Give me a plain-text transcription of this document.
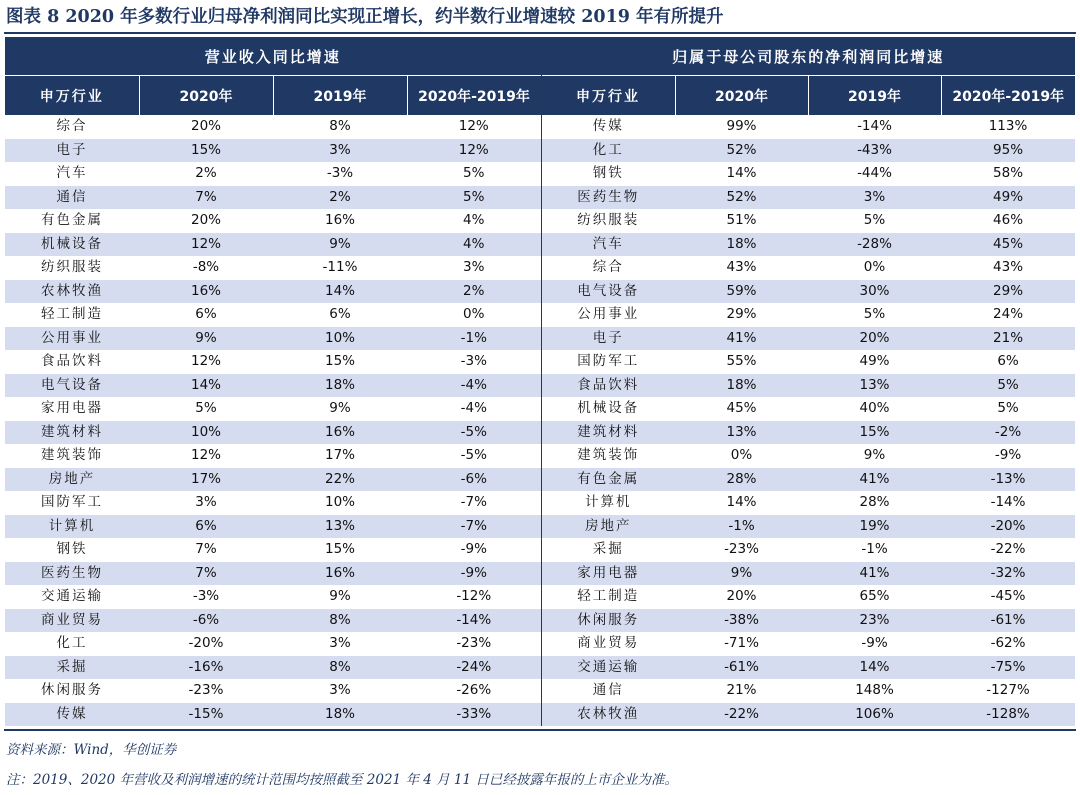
图表 8 2020 年多数行业归母净利润同比实现正增长，约半数行业增速较 2019 年有所提升
营业收入同比增速				归属于母公司股东的净利润同比增速			
申万行业	2020年	2019年	2020年-2019年	申万行业	2020年	2019年	2020年-2019年
综合	20%	8%	12%	传媒	99%	-14%	113%
电子	15%	3%	12%	化工	52%	-43%	95%
汽车	2%	-3%	5%	钢铁	14%	-44%	58%
通信	7%	2%	5%	医药生物	52%	3%	49%
有色金属	20%	16%	4%	纺织服装	51%	5%	46%
机械设备	12%	9%	4%	汽车	18%	-28%	45%
纺织服装	-8%	-11%	3%	综合	43%	0%	43%
农林牧渔	16%	14%	2%	电气设备	59%	30%	29%
轻工制造	6%	6%	0%	公用事业	29%	5%	24%
公用事业	9%	10%	-1%	电子	41%	20%	21%
食品饮料	12%	15%	-3%	国防军工	55%	49%	6%
电气设备	14%	18%	-4%	食品饮料	18%	13%	5%
家用电器	5%	9%	-4%	机械设备	45%	40%	5%
建筑材料	10%	16%	-5%	建筑材料	13%	15%	-2%
建筑装饰	12%	17%	-5%	建筑装饰	0%	9%	-9%
房地产	17%	22%	-6%	有色金属	28%	41%	-13%
国防军工	3%	10%	-7%	计算机	14%	28%	-14%
计算机	6%	13%	-7%	房地产	-1%	19%	-20%
钢铁	7%	15%	-9%	采掘	-23%	-1%	-22%
医药生物	7%	16%	-9%	家用电器	9%	41%	-32%
交通运输	-3%	9%	-12%	轻工制造	20%	65%	-45%
商业贸易	-6%	8%	-14%	休闲服务	-38%	23%	-61%
化工	-20%	3%	-23%	商业贸易	-71%	-9%	-62%
采掘	-16%	8%	-24%	交通运输	-61%	14%	-75%
休闲服务	-23%	3%	-26%	通信	21%	148%	-127%
传媒	-15%	18%	-33%	农林牧渔	-22%	106%	-128%
资料来源：Wind，华创证券
注：2019、2020 年营收及利润增速的统计范围均按照截至 2021 年 4 月 11 日已经披露年报的上市企业为准。
